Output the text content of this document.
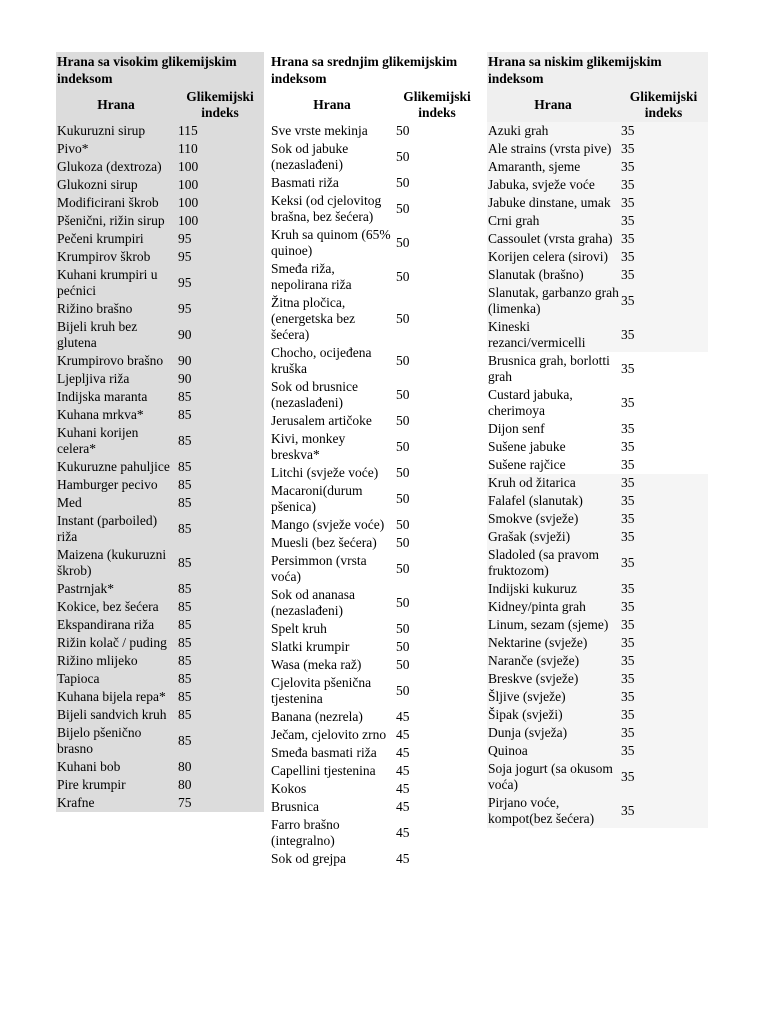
Hrana sa visokim glikemijskim indeksom
Hrana	Glikemijski indeks
Kukuruzni sirup	115
Pivo*	110
Glukoza (dextroza)	100
Glukozni sirup	100
Modificirani škrob	100
Pšenični, rižin sirup	100
Pečeni krumpiri	95
Krumpirov škrob	95
Kuhani krumpiri u pećnici	95
Rižino brašno	95
Bijeli kruh bez glutena	90
Krumpirovo brašno	90
Ljepljiva riža	90
Indijska maranta	85
Kuhana mrkva*	85
Kuhani korijen celera*	85
Kukuruzne pahuljice	85
Hamburger pecivo	85
Med	85
Instant (parboiled) riža	85
Maizena (kukuruzni škrob)	85
Pastrnjak*	85
Kokice, bez šećera	85
Ekspandirana riža	85
Rižin kolač / puding	85
Rižino mlijeko	85
Tapioca	85
Kuhana bijela repa*	85
Bijeli sandvich kruh	85
Bijelo pšenično brasno	85
Kuhani bob	80
Pire krumpir	80
Krafne	75
Hrana sa srednjim glikemijskim indeksom
Hrana	Glikemijski indeks
Sve vrste mekinja	50
Sok od jabuke (nezaslađeni)	50
Basmati riža	50
Keksi (od cjelovitog brašna, bez šećera)	50
Kruh sa quinom (65% quinoe)	50
Smeđa riža, nepolirana riža	50
Žitna pločica, (energetska bez šećera)	50
Chocho, ocijeđena kruška	50
Sok od brusnice (nezaslađeni)	50
Jerusalem artičoke	50
Kivi, monkey breskva*	50
Litchi (svježe voće)	50
Macaroni(durum pšenica)	50
Mango (svježe voće)	50
Muesli (bez šećera)	50
Persimmon (vrsta voća)	50
Sok od ananasa (nezaslađeni)	50
Spelt kruh	50
Slatki krumpir	50
Wasa (meka raž)	50
Cjelovita pšenična tjestenina	50
Banana (nezrela)	45
Ječam, cjelovito zrno	45
Smeđa basmati riža	45
Capellini tjestenina	45
Kokos	45
Brusnica	45
Farro brašno (integralno)	45
Sok od grejpa	45
Hrana sa niskim glikemijskim indeksom
Hrana	Glikemijski indeks
Azuki grah	35
Ale strains (vrsta pive)	35
Amaranth, sjeme	35
Jabuka, svježe voće	35
Jabuke dinstane, umak	35
Crni grah	35
Cassoulet (vrsta graha)	35
Korijen celera (sirovi)	35
Slanutak (brašno)	35
Slanutak, garbanzo grah (limenka)	35
Kineski rezanci/vermicelli	35
Brusnica grah, borlotti grah	35
Custard jabuka, cherimoya	35
Dijon senf	35
Sušene jabuke	35
Sušene rajčice	35
Kruh od žitarica	35
Falafel (slanutak)	35
Smokve (svježe)	35
Grašak (svježi)	35
Sladoled (sa pravom fruktozom)	35
Indijski kukuruz	35
Kidney/pinta grah	35
Linum, sezam (sjeme)	35
Nektarine (svježe)	35
Naranče (svježe)	35
Breskve (svježe)	35
Šljive (svježe)	35
Šipak (svježi)	35
Dunja (svježa)	35
Quinoa	35
Soja jogurt (sa okusom voća)	35
Pirjano voće, kompot(bez šećera)	35
